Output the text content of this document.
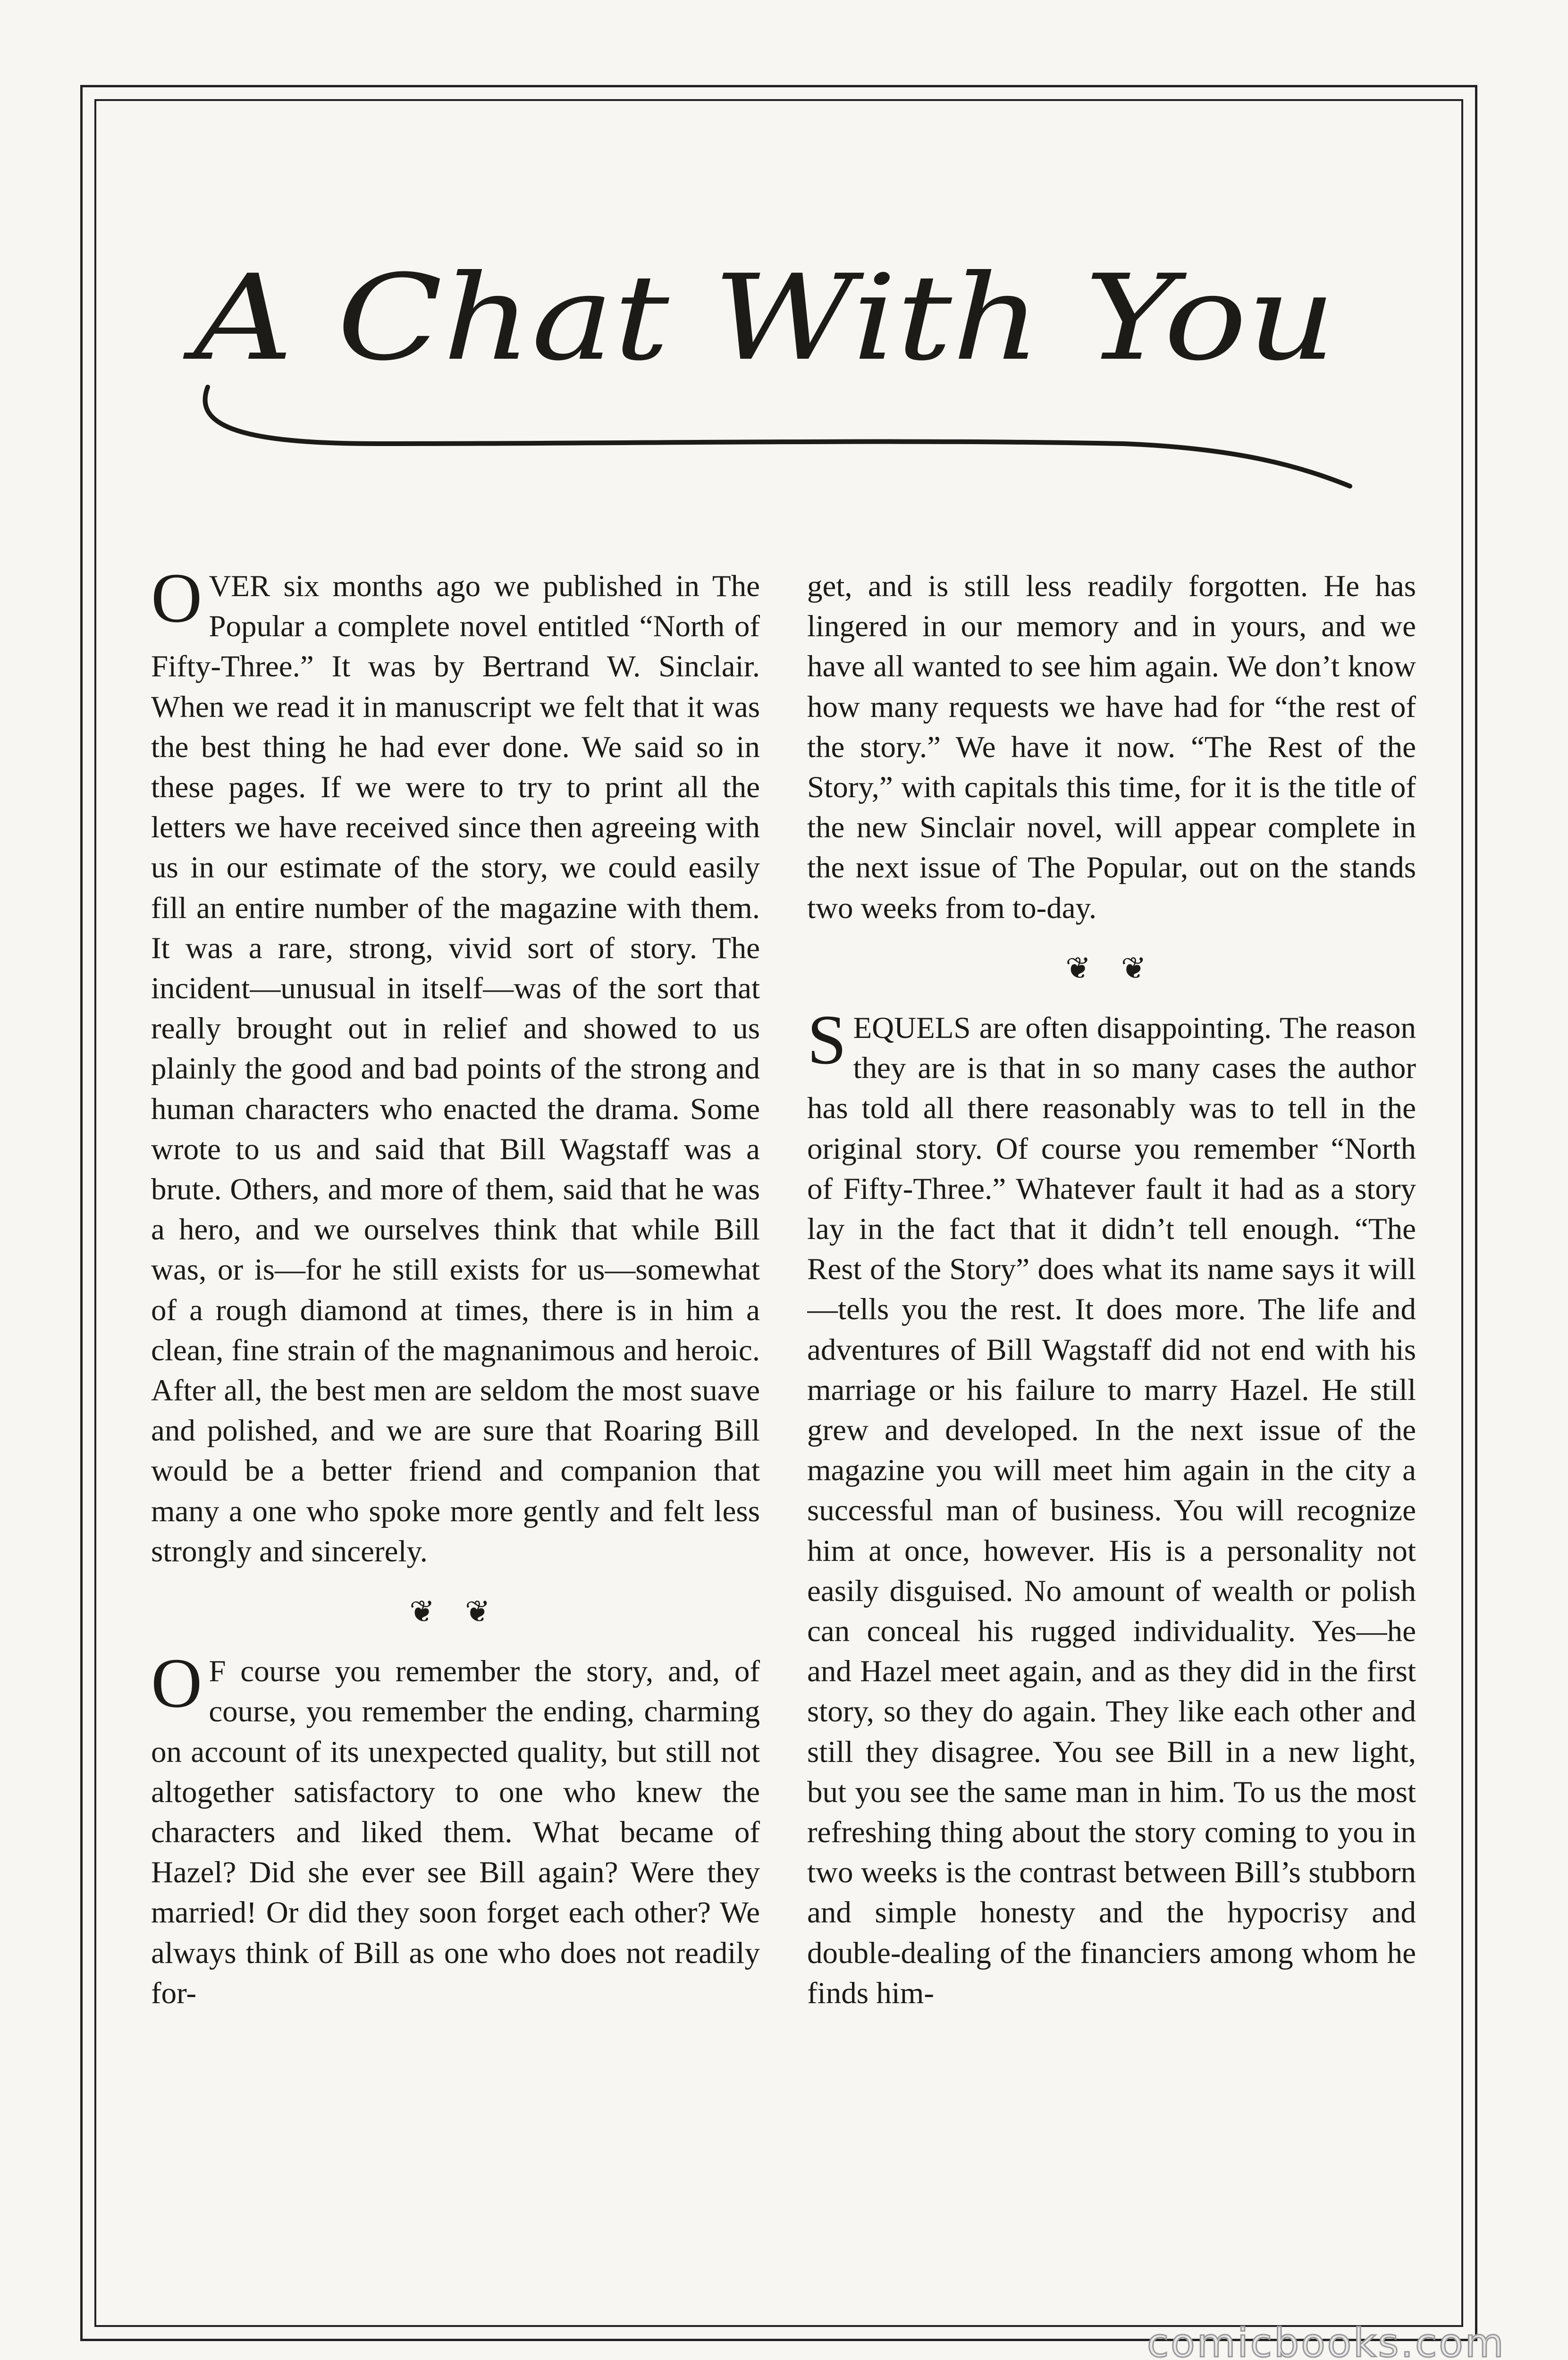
A Chat With You

OVER six months ago we published in The Popular a complete novel entitled “North of Fifty-Three.” It was by Bertrand W. Sinclair. When we read it in manuscript we felt that it was the best thing he had ever done. We said so in these pages. If we were to try to print all the letters we have received since then agreeing with us in our estimate of the story, we could easily fill an entire number of the magazine with them. It was a rare, strong, vivid sort of story. The incident—unusual in itself—was of the sort that really brought out in relief and showed to us plainly the good and bad points of the strong and human characters who enacted the drama. Some wrote to us and said that Bill Wagstaff was a brute. Others, and more of them, said that he was a hero, and we ourselves think that while Bill was, or is—for he still exists for us—somewhat of a rough diamond at times, there is in him a clean, fine strain of the magnanimous and heroic. After all, the best men are seldom the most suave and polished, and we are sure that Roaring Bill would be a better friend and companion that many a one who spoke more gently and felt less strongly and sincerely.

❦ ❦

O F course you remember the story, and, of course, you remember the ending, charming on account of its unexpected quality, but still not altogether satisfactory to one who knew the characters and liked them. What became of Hazel? Did she ever see Bill again? Were they married! Or did they soon forget each other? We always think of Bill as one who does not readily for-

get, and is still less readily forgotten. He has lingered in our memory and in yours, and we have all wanted to see him again. We don’t know how many requests we have had for “the rest of the story.” We have it now. “The Rest of the Story,” with capitals this time, for it is the title of the new Sinclair novel, will appear complete in the next issue of The Popular, out on the stands two weeks from to-day.

❦ ❦

SEQUELS are often disappointing. The reason they are is that in so many cases the author has told all there reasonably was to tell in the original story. Of course you remember “North of Fifty-Three.” Whatever fault it had as a story lay in the fact that it didn’t tell enough. “The Rest of the Story” does what its name says it will—tells you the rest. It does more. The life and adventures of Bill Wagstaff did not end with his marriage or his failure to marry Hazel. He still grew and developed. In the next issue of the magazine you will meet him again in the city a successful man of business. You will recognize him at once, however. His is a personality not easily disguised. No amount of wealth or polish can conceal his rugged individuality. Yes—he and Hazel meet again, and as they did in the first story, so they do again. They like each other and still they disagree. You see Bill in a new light, but you see the same man in him. To us the most refreshing thing about the story coming to you in two weeks is the contrast between Bill’s stubborn and simple honesty and the hypocrisy and double-dealing of the financiers among whom he finds him-

comicbooks.com
